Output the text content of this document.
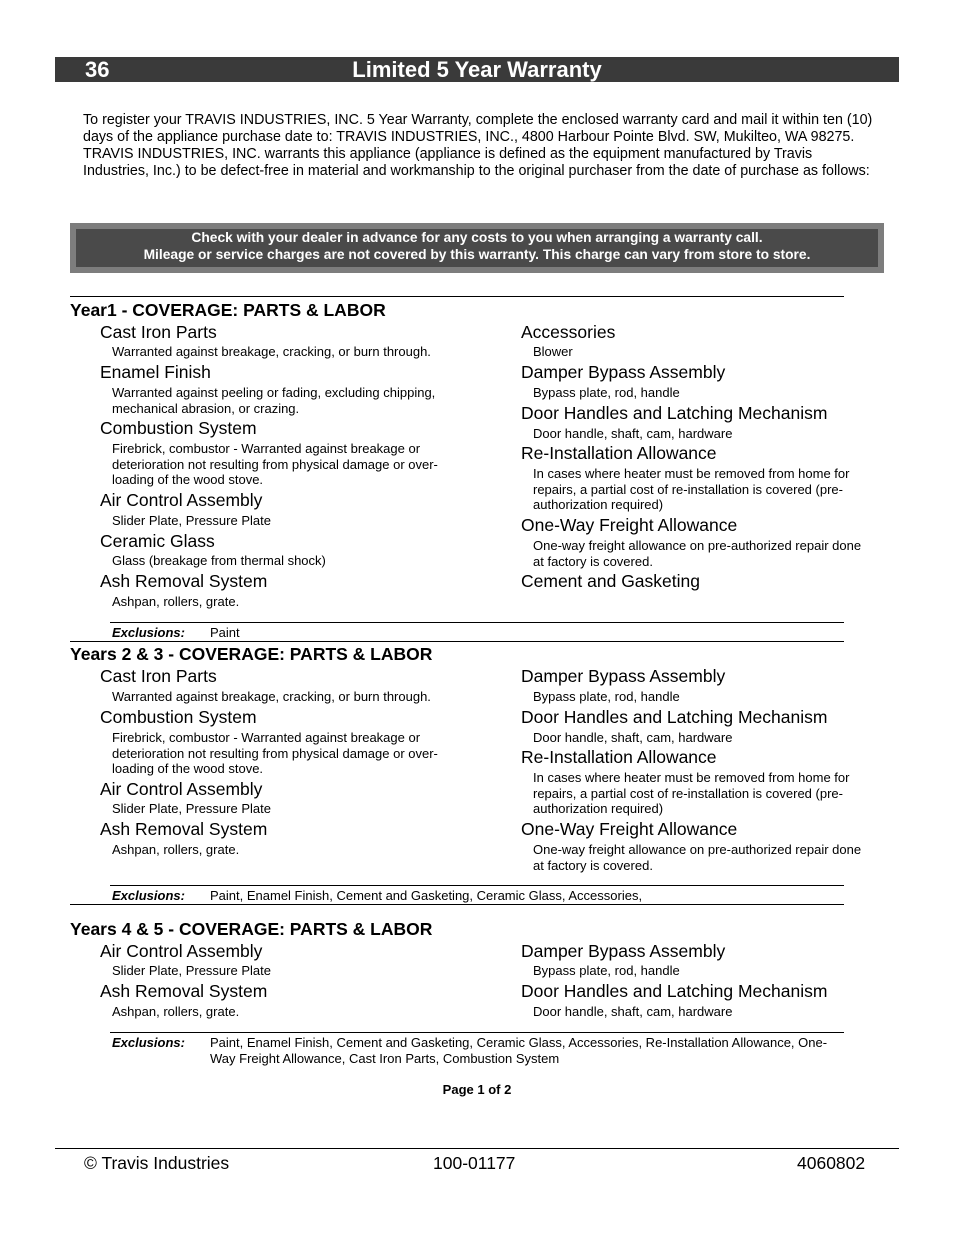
Limited 5 Year Warranty
36
To register your TRAVIS INDUSTRIES, INC. 5 Year Warranty, complete the enclosed warranty card and mail it within ten (10) days of the appliance purchase date to: TRAVIS INDUSTRIES, INC., 4800 Harbour Pointe Blvd. SW, Mukilteo, WA 98275. TRAVIS INDUSTRIES, INC. warrants this appliance (appliance is defined as the equipment manufactured by Travis Industries, Inc.) to be defect-free in material and workmanship to the original purchaser from the date of purchase as follows:
Check with your dealer in advance for any costs to you when arranging a warranty call.
Mileage or service charges are not covered by this warranty. This charge can vary from store to store.
Year1 - COVERAGE: PARTS & LABOR
Cast Iron Parts
Warranted against breakage, cracking, or burn through.
Enamel Finish
Warranted against peeling or fading, excluding chipping, mechanical abrasion, or crazing.
Combustion System
Firebrick, combustor - Warranted against breakage or deterioration not resulting from physical damage or over-loading of the wood stove.
Air Control Assembly
Slider Plate, Pressure Plate
Ceramic Glass
Glass (breakage from thermal shock)
Ash Removal System
Ashpan, rollers, grate.
Accessories
Blower
Damper Bypass Assembly
Bypass plate, rod, handle
Door Handles and Latching Mechanism
Door handle, shaft, cam, hardware
Re-Installation Allowance
In cases where heater must be removed from home for repairs, a partial cost of re-installation is covered (pre-authorization required)
One-Way Freight Allowance
One-way freight allowance on pre-authorized repair done at factory is covered.
Cement and Gasketing
Exclusions: Paint
Years 2 & 3 - COVERAGE: PARTS & LABOR
Cast Iron Parts
Warranted against breakage, cracking, or burn through.
Combustion System
Firebrick, combustor - Warranted against breakage or deterioration not resulting from physical damage or over-loading of the wood stove.
Air Control Assembly
Slider Plate, Pressure Plate
Ash Removal System
Ashpan, rollers, grate.
Damper Bypass Assembly
Bypass plate, rod, handle
Door Handles and Latching Mechanism
Door handle, shaft, cam, hardware
Re-Installation Allowance
In cases where heater must be removed from home for repairs, a partial cost of re-installation is covered (pre-authorization required)
One-Way Freight Allowance
One-way freight allowance on pre-authorized repair done at factory is covered.
Exclusions: Paint, Enamel Finish, Cement and Gasketing, Ceramic Glass, Accessories,
Years 4 & 5 - COVERAGE: PARTS & LABOR
Air Control Assembly
Slider Plate, Pressure Plate
Ash Removal System
Ashpan, rollers, grate.
Damper Bypass Assembly
Bypass plate, rod, handle
Door Handles and Latching Mechanism
Door handle, shaft, cam, hardware
Exclusions: Paint, Enamel Finish, Cement and Gasketing, Ceramic Glass, Accessories, Re-Installation Allowance, One-Way Freight Allowance, Cast Iron Parts, Combustion System
Page 1 of 2
© Travis Industries	100-01177	4060802
